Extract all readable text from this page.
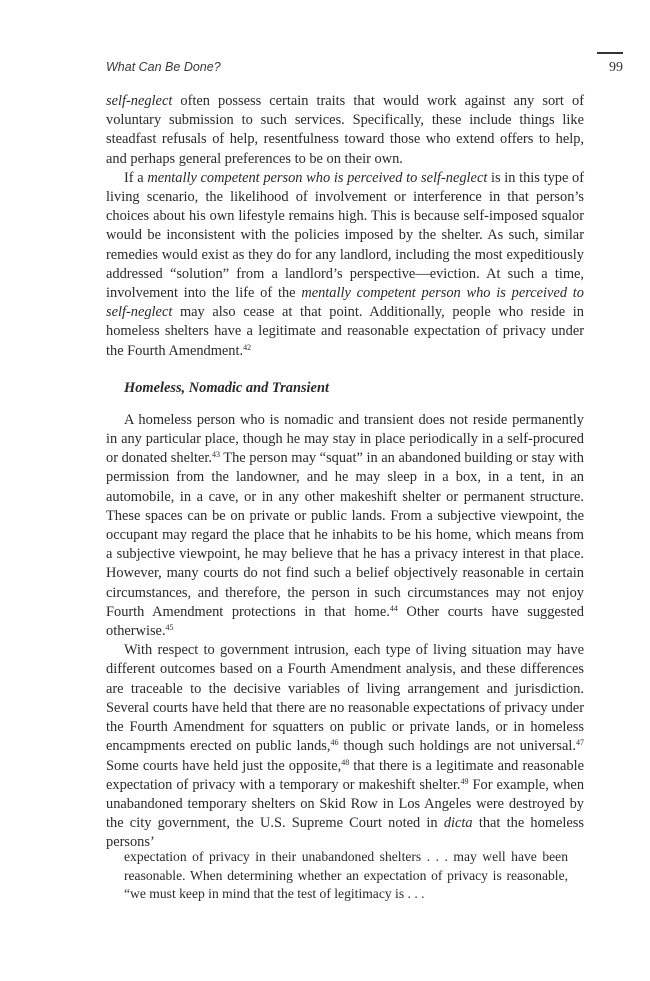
What Can Be Done?	99

self-neglect often possess certain traits that would work against any sort of voluntary submission to such services. Specifically, these include things like steadfast refusals of help, resentfulness toward those who extend offers to help, and perhaps general preferences to be on their own.

If a mentally competent person who is perceived to self-neglect is in this type of living scenario, the likelihood of involvement or interference in that person’s choices about his own lifestyle remains high. This is because self-imposed squalor would be inconsistent with the policies imposed by the shelter. As such, similar remedies would exist as they do for any landlord, including the most expeditiously addressed “solution” from a landlord’s perspective—eviction. At such a time, involvement into the life of the mentally competent person who is perceived to self-neglect may also cease at that point. Additionally, people who reside in homeless shelters have a legitimate and reasonable expectation of privacy under the Fourth Amendment.$^{42}$

Homeless, Nomadic and Transient

A homeless person who is nomadic and transient does not reside permanently in any particular place, though he may stay in place periodically in a self-procured or donated shelter.$^{43}$ The person may “squat” in an abandoned building or stay with permission from the landowner, and he may sleep in a box, in a tent, in an automobile, in a cave, or in any other makeshift shelter or permanent structure. These spaces can be on private or public lands. From a subjective viewpoint, the occupant may regard the place that he inhabits to be his home, which means from a subjective viewpoint, he may believe that he has a privacy interest in that place. However, many courts do not find such a belief objectively reasonable in certain circumstances, and therefore, the person in such circumstances may not enjoy Fourth Amendment protections in that home.$^{44}$ Other courts have suggested otherwise.$^{45}$

With respect to government intrusion, each type of living situation may have different outcomes based on a Fourth Amendment analysis, and these differences are traceable to the decisive variables of living arrangement and jurisdiction. Several courts have held that there are no reasonable expectations of privacy under the Fourth Amendment for squatters on public or private lands, or in homeless encampments erected on public lands,$^{46}$ though such holdings are not universal.$^{47}$ Some courts have held just the opposite,$^{48}$ that there is a legitimate and reasonable expectation of privacy with a temporary or makeshift shelter.$^{49}$ For example, when unabandoned temporary shelters on Skid Row in Los Angeles were destroyed by the city government, the U.S. Supreme Court noted in dicta that the homeless persons’

expectation of privacy in their unabandoned shelters . . . may well have been reasonable. When determining whether an expectation of privacy is reasonable, “we must keep in mind that the test of legitimacy is . . .
